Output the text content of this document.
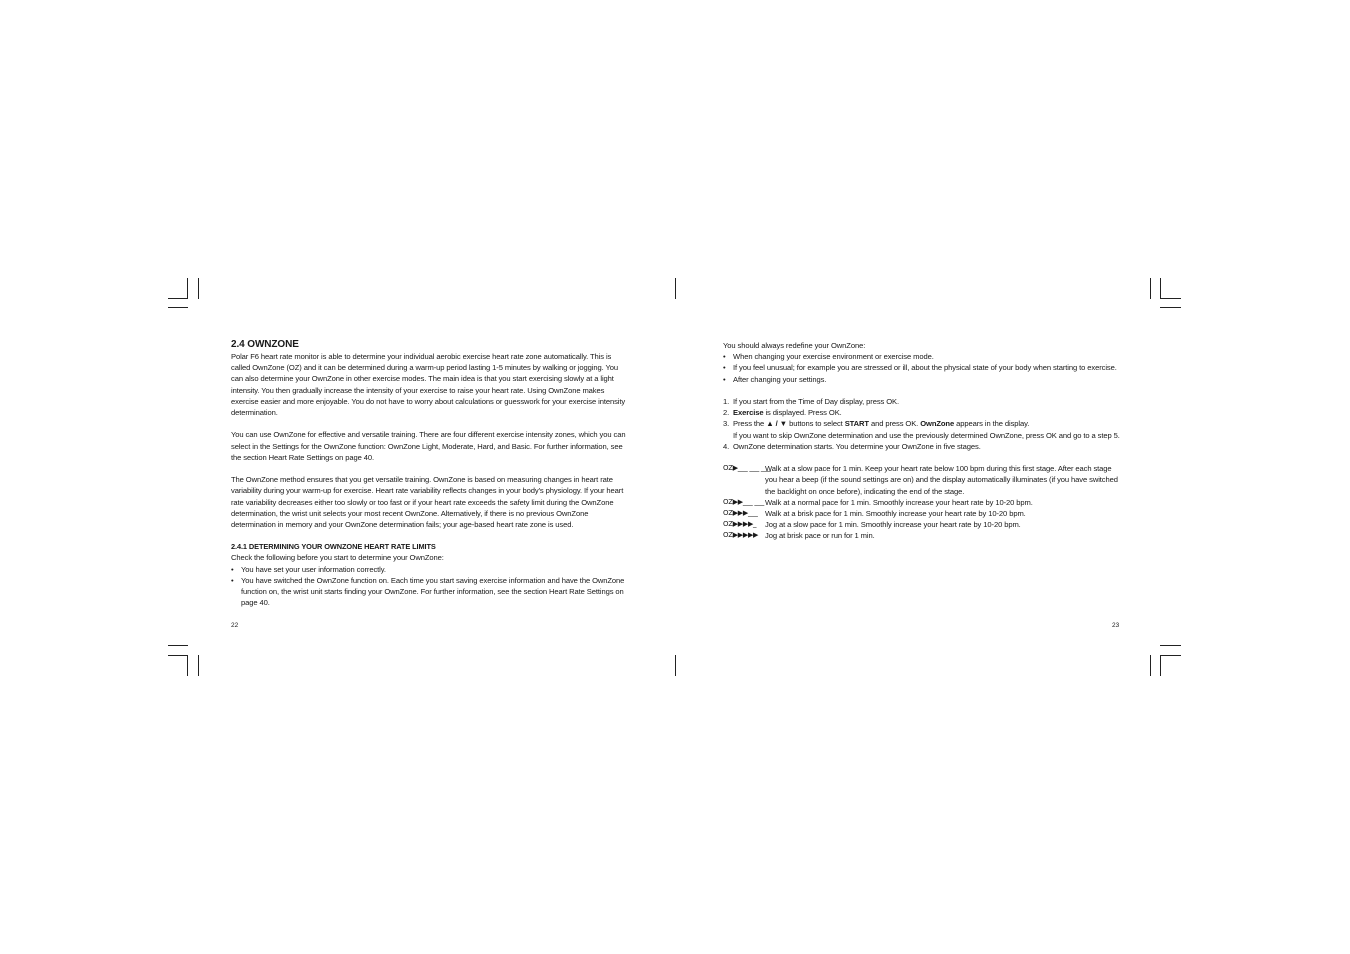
2.4 OWNZONE

Polar F6 heart rate monitor is able to determine your individual aerobic exercise heart rate zone automatically. This is called OwnZone (OZ) and it can be determined during a warm-up period lasting 1-5 minutes by walking or jogging. You can also determine your OwnZone in other exercise modes. The main idea is that you start exercising slowly at a light intensity. You then gradually increase the intensity of your exercise to raise your heart rate. Using OwnZone makes exercise easier and more enjoyable. You do not have to worry about calculations or guesswork for your exercise intensity determination.

You can use OwnZone for effective and versatile training. There are four different exercise intensity zones, which you can select in the Settings for the OwnZone function: OwnZone Light, Moderate, Hard, and Basic. For further information, see the section Heart Rate Settings on page 40.

The OwnZone method ensures that you get versatile training. OwnZone is based on measuring changes in heart rate variability during your warm-up for exercise. Heart rate variability reflects changes in your body's physiology. If your heart rate variability decreases either too slowly or too fast or if your heart rate exceeds the safety limit during the OwnZone determination, the wrist unit selects your most recent OwnZone. Alternatively, if there is no previous OwnZone determination in memory and your OwnZone determination fails; your age-based heart rate zone is used.

2.4.1 DETERMINING YOUR OWNZONE HEART RATE LIMITS

Check the following before you start to determine your OwnZone:

• You have set your user information correctly.
• You have switched the OwnZone function on. Each time you start saving exercise information and have the OwnZone function on, the wrist unit starts finding your OwnZone. For further information, see the section Heart Rate Settings on page 40.
22

You should always redefine your OwnZone:

• When changing your exercise environment or exercise mode.
• If you feel unusual; for example you are stressed or ill, about the physical state of your body when starting to exercise.
• After changing your settings.
1. If you start from the Time of Day display, press OK.
2. Exercise is displayed. Press OK.
3. Press the ▲ / ▼ buttons to select START and press OK. OwnZone appears in the display.
If you want to skip OwnZone determination and use the previously determined OwnZone, press OK and go to a step 5.
4. OwnZone determination starts. You determine your OwnZone in five stages.
OZ▶___ ___ ___
Walk at a slow pace for 1 min. Keep your heart rate below 100 bpm during this first stage. After each stage you hear a beep (if the sound settings are on) and the display automatically illuminates (if you have switched the backlight on once before), indicating the end of the stage.
OZ▶▶___ ___ Walk at a normal pace for 1 min. Smoothly increase your heart rate by 10-20 bpm.
OZ▶▶▶___ Walk at a brisk pace for 1 min. Smoothly increase your heart rate by 10-20 bpm.
OZ▶▶▶▶_	Jog at a slow pace for 1 min. Smoothly increase your heart rate by 10-20 bpm.
OZ▶▶▶▶▶ Jog at brisk pace or run for 1 min.
23
